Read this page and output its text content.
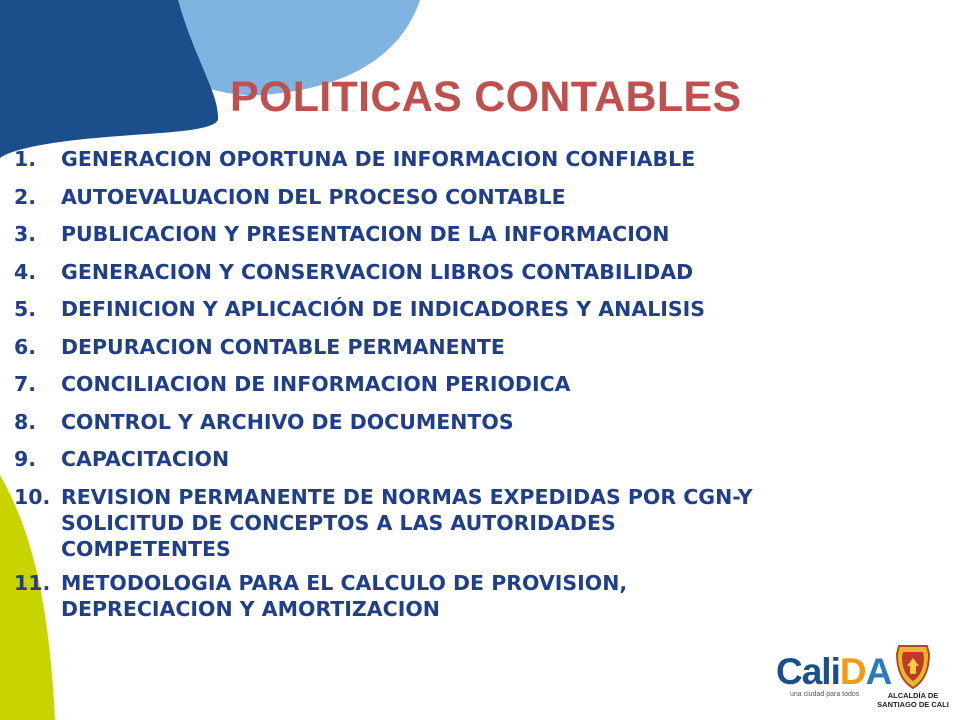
POLITICAS CONTABLES
1.	GENERACION OPORTUNA DE INFORMACION CONFIABLE
2.	AUTOEVALUACION DEL PROCESO CONTABLE
3.	PUBLICACION Y PRESENTACION DE LA INFORMACION
4.	GENERACION Y CONSERVACION LIBROS CONTABILIDAD
5.	DEFINICION Y APLICACIÓN DE INDICADORES Y ANALISIS
6.	DEPURACION CONTABLE PERMANENTE
7.	CONCILIACION DE INFORMACION PERIODICA
8.	CONTROL Y ARCHIVO DE DOCUMENTOS
9.	CAPACITACION
10. REVISION PERMANENTE DE NORMAS EXPEDIDAS POR CGN-Y
SOLICITUD DE CONCEPTOS A LAS AUTORIDADES
COMPETENTES
11. METODOLOGIA PARA EL CALCULO DE PROVISION,
DEPRECIACION Y AMORTIZACION
CaliDA
una ciudad para todos	ALCALDÍA DE
SANTIAGO DE CALI
